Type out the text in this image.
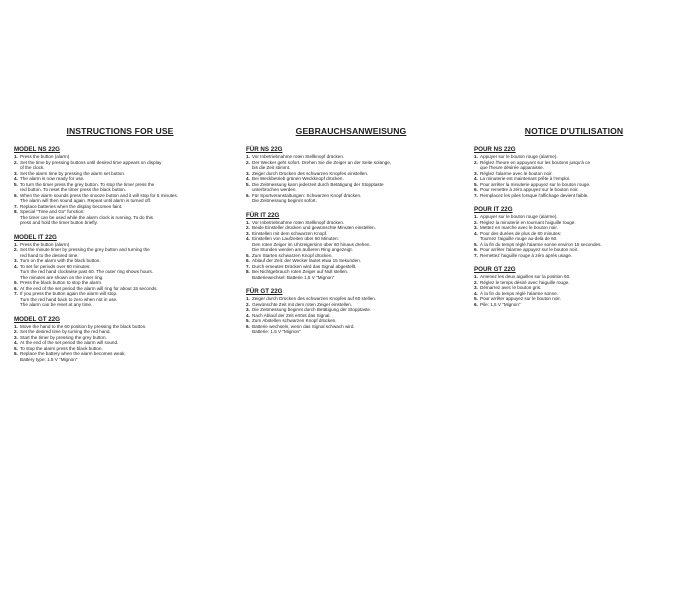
INSTRUCTIONS FOR USE
MODEL NS 22G
1. Press the button (alarm)
2. Set the time by pressing buttons until desired time appears on display
of the clock.
3. Set the alarm time by pressing the alarm set button.
4. The alarm is now ready for use.
5. To turn the timer press the grey button. To stop the timer press the
red button. To reset the timer press the black button.
6. When the alarm sounds press the snooze button and it will stop for 5 minutes.
The alarm will then sound again. Repeat until alarm is turned off.
7. Replace batteries when the display becomes faint.
8. Special "Time and Go" function:
The timer can be used while the alarm clock is running. To do this
press and hold the timer button briefly.
MODEL IT 22G
1. Press the button (alarm)
2. Set the minute timer by pressing the grey button and turning the
red hand to the desired time.
3. Turn on the alarm with the black button.
4. To set for periods over 60 minutes:
Turn the red hand clockwise past 60. The outer ring shows hours.
The minutes are shown on the inner ring.
5. Press the black button to stop the alarm.
6. At the end of the set period the alarm will ring for about 15 seconds.
7. If you press the button again the alarm will stop.
Turn the red hand back to zero when not in use.
The alarm can be reset at any time.
MODEL GT 22G
1. Move the hand to the 60 position by pressing the black button.
2. Set the desired time by turning the red hand.
3. Start the timer by pressing the grey button.
4. At the end of the set period the alarm will sound.
5. To stop the alarm press the black button.
6. Replace the battery when the alarm becomes weak.
Battery type: 1.5 V "Mignon"
GEBRAUCHSANWEISUNG
FÜR NS 22G
1. Vor Inbetriebnahme roten Stellknopf drücken.
2. Der Wecker geht sofort. Drehen Sie die Zeiger an der Seite solange,
bis die Zeit stimmt.
3. Zeiger durch Drücken des schwarzen Knopfes einstellen.
4. Bei Weckbetrieb grünen Weckknopf drücken.
5. Die Zeitmessung kann jederzeit durch Betätigung der Stopptaste
unterbrochen werden.
6. Für Sportveranstaltungen: Schwarzen Knopf drücken.
Die Zeitmessung beginnt sofort.
FÜR IT 22G
1. Vor Inbetriebnahme roten Stellknopf drücken.
2. Beide Einsteller drücken und gewünschte Minuten einstellen.
3. Einstellen mit dem schwarzen Knopf.
4. Einstellen von Laufzeiten über 60 Minuten:
Den roten Zeiger im Uhrzeigersinn über 60 hinaus drehen.
Die Stunden werden am äußeren Ring angezeigt.
5. Zum Starten schwarzen Knopf drücken.
6. Ablauf der Zeit: der Wecker läutet etwa 15 Sekunden.
7. Durch erneutes Drücken wird das Signal abgestellt.
8. Bei Nichtgebrauch roten Zeiger auf Null stellen.
Batteriewechsel: Batterie 1,5 V "Mignon"
FÜR GT 22G
1. Zeiger durch Drücken des schwarzen Knopfes auf 60 stellen.
2. Gewünschte Zeit mit dem roten Zeiger einstellen.
3. Die Zeitmessung beginnt durch Betätigung der Stopptaste.
4. Nach Ablauf der Zeit ertönt das Signal.
5. Zum Abstellen schwarzen Knopf drücken.
6. Batterie wechseln, wenn das Signal schwach wird.
Batterie: 1,5 V "Mignon"
NOTICE D'UTILISATION
POUR NS 22G
1. Appuyer sur le bouton rouge (alarme).
2. Réglez l'heure en appuyant sur les boutons jusqu'à ce
que l'heure désirée apparaisse.
3. Réglez l'alarme avec le bouton noir.
4. La minuterie est maintenant prête à l'emploi.
5. Pour arrêter la minuterie appuyez sur le bouton rouge.
6. Pour remettre à zéro appuyez sur le bouton noir.
7. Remplacez les piles lorsque l'affichage devient faible.
POUR IT 22G
1. Appuyer sur le bouton rouge (alarme).
2. Réglez la minuterie en tournant l'aiguille rouge.
3. Mettez en marche avec le bouton noir.
4. Pour des durées de plus de 60 minutes:
Tournez l'aiguille rouge au-delà de 60.
5. À la fin du temps réglé l'alarme sonne environ 15 secondes.
6. Pour arrêter l'alarme appuyez sur le bouton noir.
7. Remettez l'aiguille rouge à zéro après usage.
POUR GT 22G
1. Amenez les deux aiguilles sur la position 60.
2. Réglez le temps désiré avec l'aiguille rouge.
3. Démarrez avec le bouton gris.
4. À la fin du temps réglé l'alarme sonne.
5. Pour arrêter appuyez sur le bouton noir.
6. Pile: 1,5 V "Mignon"
